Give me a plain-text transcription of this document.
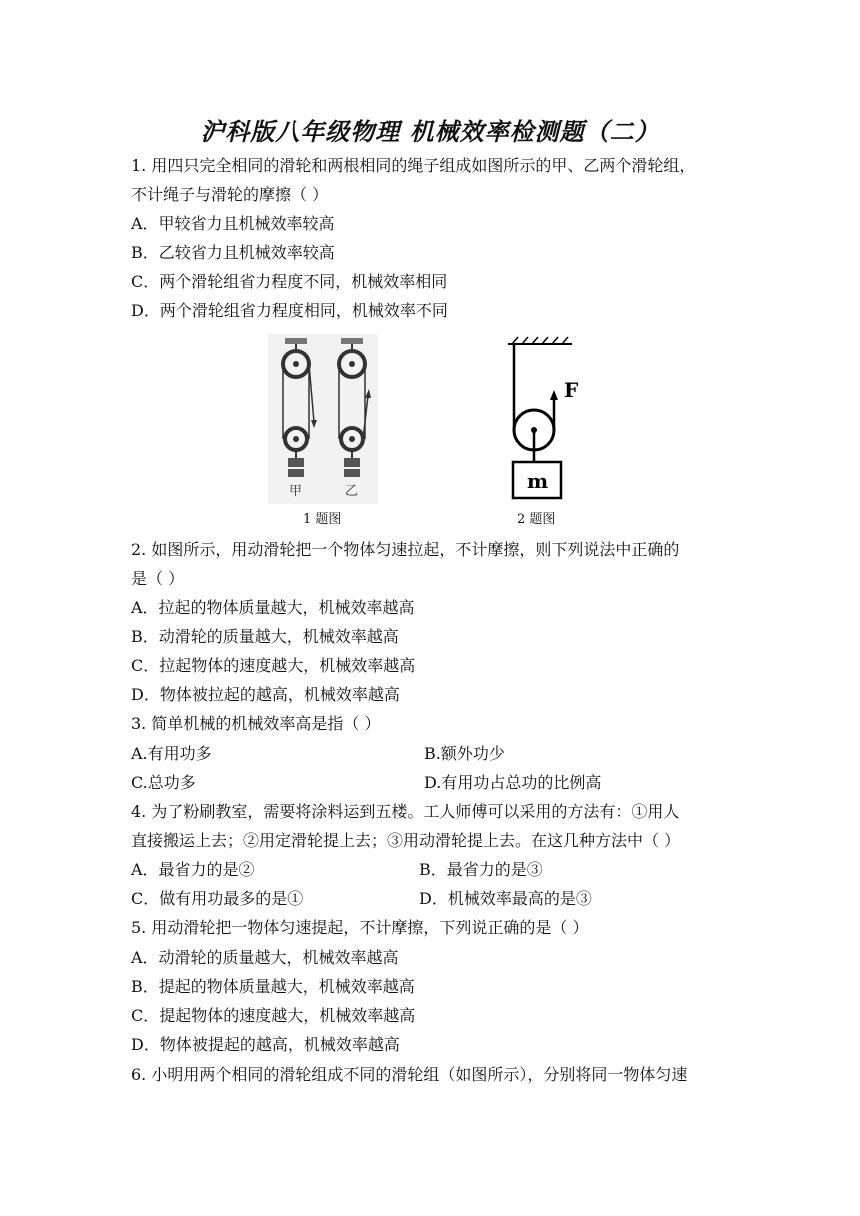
沪科版八年级物理 机械效率检测题（二）
1. 用四只完全相同的滑轮和两根相同的绳子组成如图所示的甲、乙两个滑轮组，
不计绳子与滑轮的摩擦（ ）
A．甲较省力且机械效率较高
B．乙较省力且机械效率较高
C．两个滑轮组省力程度不同，机械效率相同
D．两个滑轮组省力程度相同，机械效率不同
甲	乙
F
m
1 题图	2 题图
2. 如图所示，用动滑轮把一个物体匀速拉起，不计摩擦，则下列说法中正确的
是（ ）
A．拉起的物体质量越大，机械效率越高
B．动滑轮的质量越大，机械效率越高
C．拉起物体的速度越大，机械效率越高
D．物体被拉起的越高，机械效率越高
3. 简单机械的机械效率高是指（ ）
A.有用功多	B.额外功少
C.总功多	D.有用功占总功的比例高
4. 为了粉刷教室，需要将涂料运到五楼。工人师傅可以采用的方法有：①用人
直接搬运上去；②用定滑轮提上去；③用动滑轮提上去。在这几种方法中（ ）
A．最省力的是②	B．最省力的是③
C．做有用功最多的是①	D．机械效率最高的是③
5. 用动滑轮把一物体匀速提起，不计摩擦，下列说正确的是（ ）
A．动滑轮的质量越大，机械效率越高
B．提起的物体质量越大，机械效率越高
C．提起物体的速度越大，机械效率越高
D．物体被提起的越高，机械效率越高
6. 小明用两个相同的滑轮组成不同的滑轮组（如图所示），分别将同一物体匀速
